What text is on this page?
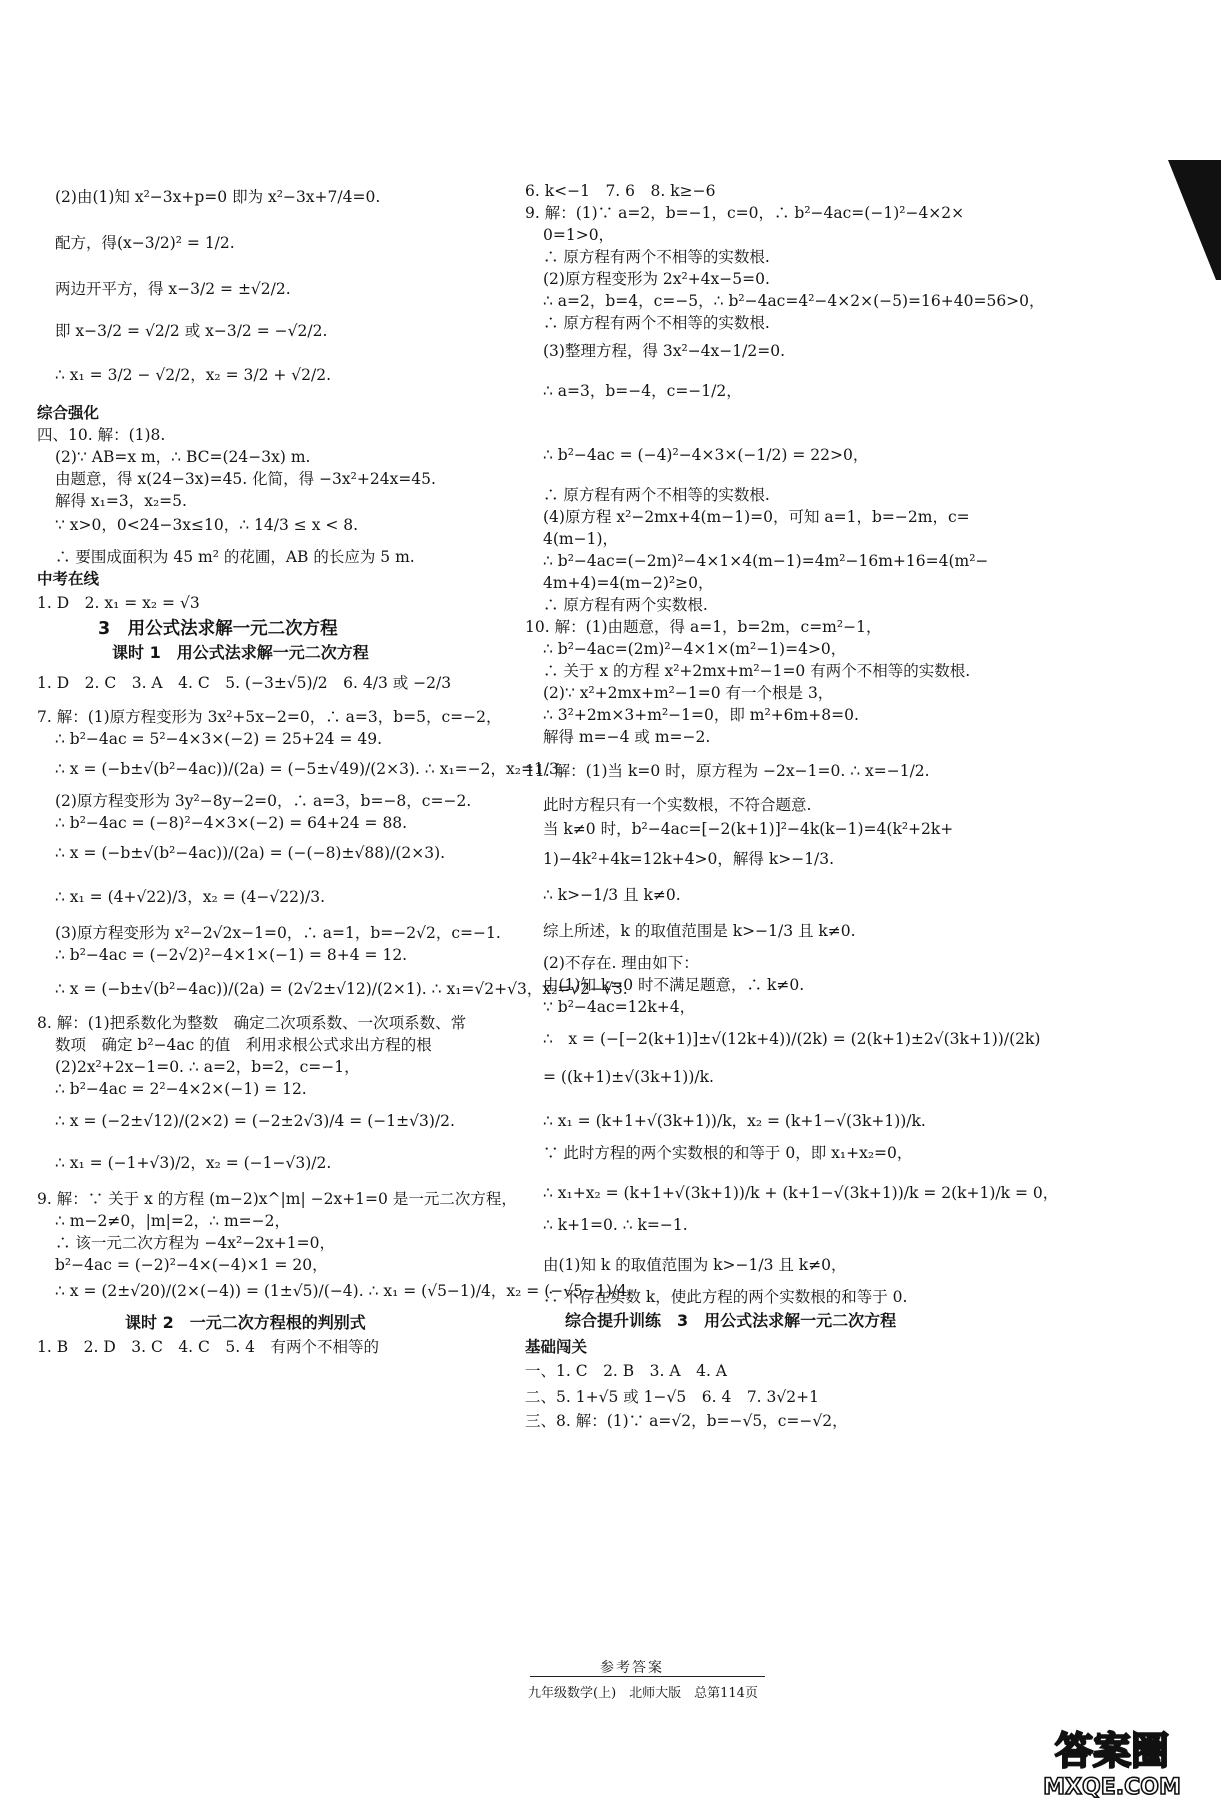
(2)由(1)知 x²−3x+p=0 即为 x²−3x+7/4=0.
配方，得(x−3/2)² = 1/2.
两边开平方，得 x−3/2 = ±√2/2.
即 x−3/2 = √2/2 或 x−3/2 = −√2/2.
∴ x₁ = 3/2 − √2/2，x₂ = 3/2 + √2/2.
综合强化
四、10. 解：(1)8.
(2)∵ AB=x m，∴ BC=(24−3x) m.
由题意，得 x(24−3x)=45. 化简，得 −3x²+24x=45.
解得 x₁=3，x₂=5.
∵ x>0，0<24−3x≤10，∴ 14/3 ≤ x < 8.
∴ 要围成面积为 45 m² 的花圃，AB 的长应为 5 m.
中考在线
1. D　2. x₁ = x₂ = √3
3　用公式法求解一元二次方程
课时 1　用公式法求解一元二次方程
1. D　2. C　3. A　4. C　5. (−3±√5)/2　6. 4/3 或 −2/3
7. 解：(1)原方程变形为 3x²+5x−2=0，∴ a=3，b=5，c=−2，
∴ b²−4ac = 5²−4×3×(−2) = 25+24 = 49.
∴ x = (−b±√(b²−4ac))/(2a) = (−5±√49)/(2×3). ∴ x₁=−2，x₂=1/3.
(2)原方程变形为 3y²−8y−2=0，∴ a=3，b=−8，c=−2.
∴ b²−4ac = (−8)²−4×3×(−2) = 64+24 = 88.
∴ x = (−b±√(b²−4ac))/(2a) = (−(−8)±√88)/(2×3).
∴ x₁ = (4+√22)/3，x₂ = (4−√22)/3.
(3)原方程变形为 x²−2√2x−1=0，∴ a=1，b=−2√2，c=−1.
∴ b²−4ac = (−2√2)²−4×1×(−1) = 8+4 = 12.
∴ x = (−b±√(b²−4ac))/(2a) = (2√2±√12)/(2×1). ∴ x₁=√2+√3，x₂=√2−√3.
8. 解：(1)把系数化为整数　确定二次项系数、一次项系数、常
数项　确定 b²−4ac 的值　利用求根公式求出方程的根
(2)2x²+2x−1=0. ∴ a=2，b=2，c=−1，
∴ b²−4ac = 2²−4×2×(−1) = 12.
∴ x = (−2±√12)/(2×2) = (−2±2√3)/4 = (−1±√3)/2.
∴ x₁ = (−1+√3)/2，x₂ = (−1−√3)/2.
9. 解：∵ 关于 x 的方程 (m−2)x^|m| −2x+1=0 是一元二次方程，
∴ m−2≠0，|m|=2，∴ m=−2，
∴ 该一元二次方程为 −4x²−2x+1=0，
b²−4ac = (−2)²−4×(−4)×1 = 20，
∴ x = (2±√20)/(2×(−4)) = (1±√5)/(−4). ∴ x₁ = (√5−1)/4，x₂ = (−√5−1)/4.
课时 2　一元二次方程根的判别式
1. B　2. D　3. C　4. C　5. 4　有两个不相等的
6. k<−1　7. 6　8. k≥−6
9. 解：(1)∵ a=2，b=−1，c=0，∴ b²−4ac=(−1)²−4×2×
0=1>0，
∴ 原方程有两个不相等的实数根.
(2)原方程变形为 2x²+4x−5=0.
∴ a=2，b=4，c=−5，∴ b²−4ac=4²−4×2×(−5)=16+40=56>0，
∴ 原方程有两个不相等的实数根.
(3)整理方程，得 3x²−4x−1/2=0.
∴ a=3，b=−4，c=−1/2，
∴ b²−4ac = (−4)²−4×3×(−1/2) = 22>0，
∴ 原方程有两个不相等的实数根.
(4)原方程 x²−2mx+4(m−1)=0，可知 a=1，b=−2m，c=
4(m−1)，
∴ b²−4ac=(−2m)²−4×1×4(m−1)=4m²−16m+16=4(m²−
4m+4)=4(m−2)²≥0，
∴ 原方程有两个实数根.
10. 解：(1)由题意，得 a=1，b=2m，c=m²−1，
∴ b²−4ac=(2m)²−4×1×(m²−1)=4>0，
∴ 关于 x 的方程 x²+2mx+m²−1=0 有两个不相等的实数根.
(2)∵ x²+2mx+m²−1=0 有一个根是 3，
∴ 3²+2m×3+m²−1=0，即 m²+6m+8=0.
解得 m=−4 或 m=−2.
11. 解：(1)当 k=0 时，原方程为 −2x−1=0. ∴ x=−1/2.
此时方程只有一个实数根，不符合题意.
当 k≠0 时，b²−4ac=[−2(k+1)]²−4k(k−1)=4(k²+2k+
1)−4k²+4k=12k+4>0，解得 k>−1/3.
∴ k>−1/3 且 k≠0.
综上所述，k 的取值范围是 k>−1/3 且 k≠0.
(2)不存在. 理由如下：
由(1)知 k=0 时不满足题意，∴ k≠0.
∵ b²−4ac=12k+4，
∴　x = (−[−2(k+1)]±√(12k+4))/(2k) = (2(k+1)±2√(3k+1))/(2k)
= ((k+1)±√(3k+1))/k.
∴ x₁ = (k+1+√(3k+1))/k，x₂ = (k+1−√(3k+1))/k.
∵ 此时方程的两个实数根的和等于 0，即 x₁+x₂=0，
∴ x₁+x₂ = (k+1+√(3k+1))/k + (k+1−√(3k+1))/k = 2(k+1)/k = 0，
∴ k+1=0. ∴ k=−1.
由(1)知 k 的取值范围为 k>−1/3 且 k≠0，
∴ 不存在实数 k，使此方程的两个实数根的和等于 0.
综合提升训练　3　用公式法求解一元二次方程
基础闯关
一、1. C　2. B　3. A　4. A
二、5. 1+√5 或 1−√5　6. 4　7. 3√2+1
三、8. 解：(1)∵ a=√2，b=−√5，c=−√2，
参考答案
九年级数学(上)　北师大版　总第114页
答案圈
MXQE.COM
